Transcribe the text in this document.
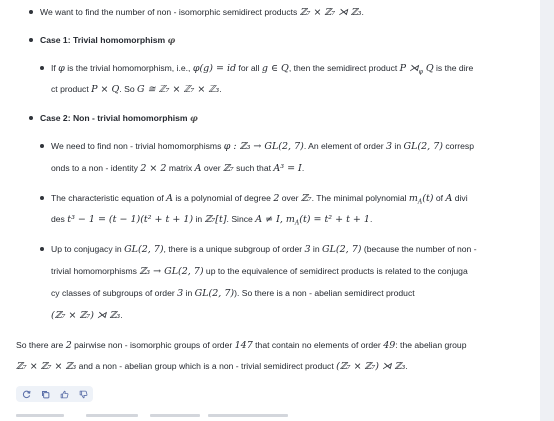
We want to find the number of non - isomorphic semidirect products ℤ₇ × ℤ₇ ⋊ ℤ₃.
Case 1: Trivial homomorphism φ
If φ is the trivial homomorphism, i.e., φ(g) = id for all g ∈ Q, then the semidirect product P $⋊_\varphi$ Q is the dire
ct product P × Q. So G ≅ ℤ₇ × ℤ₇ × ℤ₃.
Case 2: Non - trivial homomorphism φ
We need to find non - trivial homomorphisms φ : ℤ₃ → GL(2, 7). An element of order 3 in GL(2, 7) corresp
onds to a non - identity 2 × 2 matrix A over ℤ₇ such that A³ = I.
The characteristic equation of A is a polynomial of degree 2 over ℤ₇. The minimal polynomial $m_A(t)$ of A divi
des t³ − 1 = (t − 1)(t² + t + 1) in ℤ₇[t]. Since A ≠ I, $m_A(t) = t^2 + t + 1$.
Up to conjugacy in GL(2, 7), there is a unique subgroup of order 3 in GL(2, 7) (because the number of non -
trivial homomorphisms ℤ₃ → GL(2, 7) up to the equivalence of semidirect products is related to the conjuga
cy classes of subgroups of order 3 in GL(2, 7)). So there is a non - abelian semidirect product
(ℤ₇ × ℤ₇) ⋊ ℤ₃.
So there are 2 pairwise non - isomorphic groups of order 147 that contain no elements of order 49: the abelian group
ℤ₇ × ℤ₇ × ℤ₃ and a non - abelian group which is a non - trivial semidirect product (ℤ₇ × ℤ₇) ⋊ ℤ₃.
